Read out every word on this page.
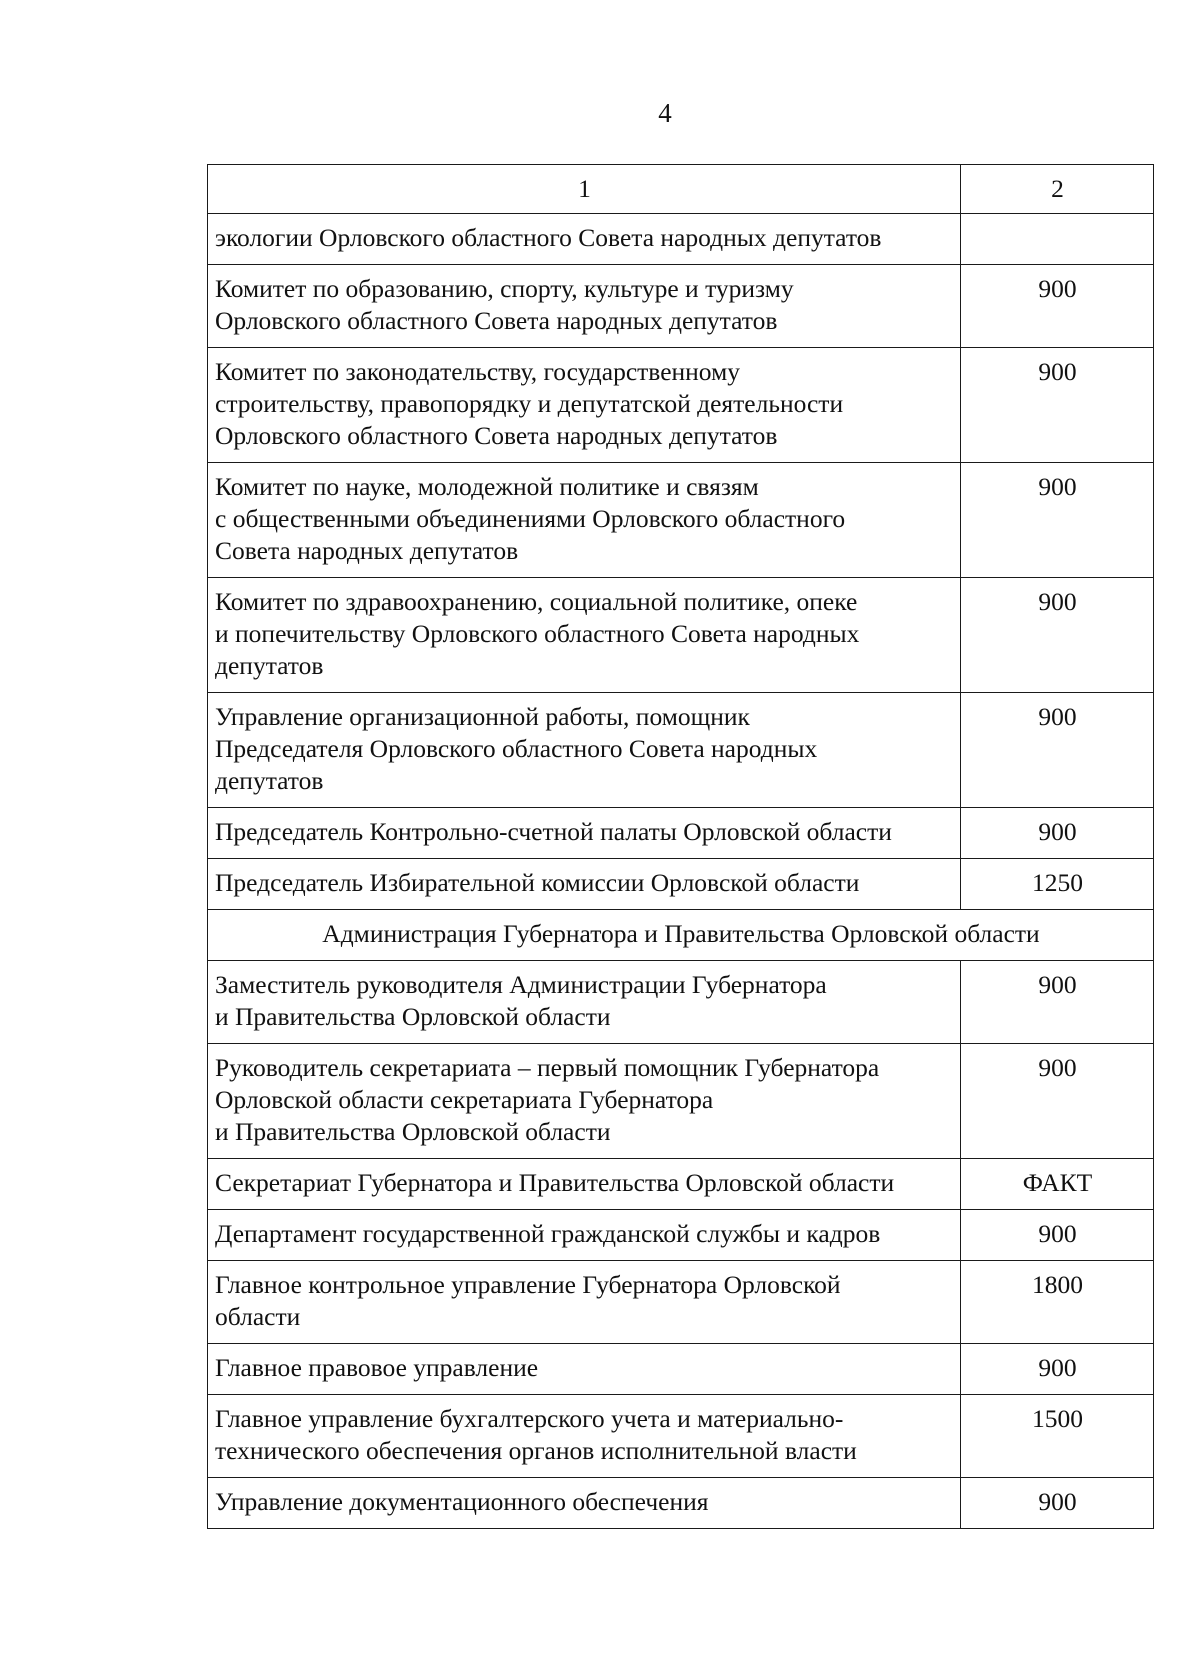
4
1	2
экологии Орловского областного Совета народных депутатов	
Комитет по образованию, спорту, культуре и туризму
Орловского областного Совета народных депутатов	900
Комитет по законодательству, государственному
строительству, правопорядку и депутатской деятельности
Орловского областного Совета народных депутатов	900
Комитет по науке, молодежной политике и связям
с общественными объединениями Орловского областного
Совета народных депутатов	900
Комитет по здравоохранению, социальной политике, опеке
и попечительству Орловского областного Совета народных
депутатов	900
Управление организационной работы, помощник
Председателя Орловского областного Совета народных
депутатов	900
Председатель Контрольно-счетной палаты Орловской области	900
Председатель Избирательной комиссии Орловской области	1250
Администрация Губернатора и Правительства Орловской области	
Заместитель руководителя Администрации Губернатора
и Правительства Орловской области	900
Руководитель секретариата – первый помощник Губернатора
Орловской области секретариата Губернатора
и Правительства Орловской области	900
Секретариат Губернатора и Правительства Орловской области	ФАКТ
Департамент государственной гражданской службы и кадров	900
Главное контрольное управление Губернатора Орловской
области	1800
Главное правовое управление	900
Главное управление бухгалтерского учета и материально-
технического обеспечения органов исполнительной власти	1500
Управление документационного обеспечения	900
